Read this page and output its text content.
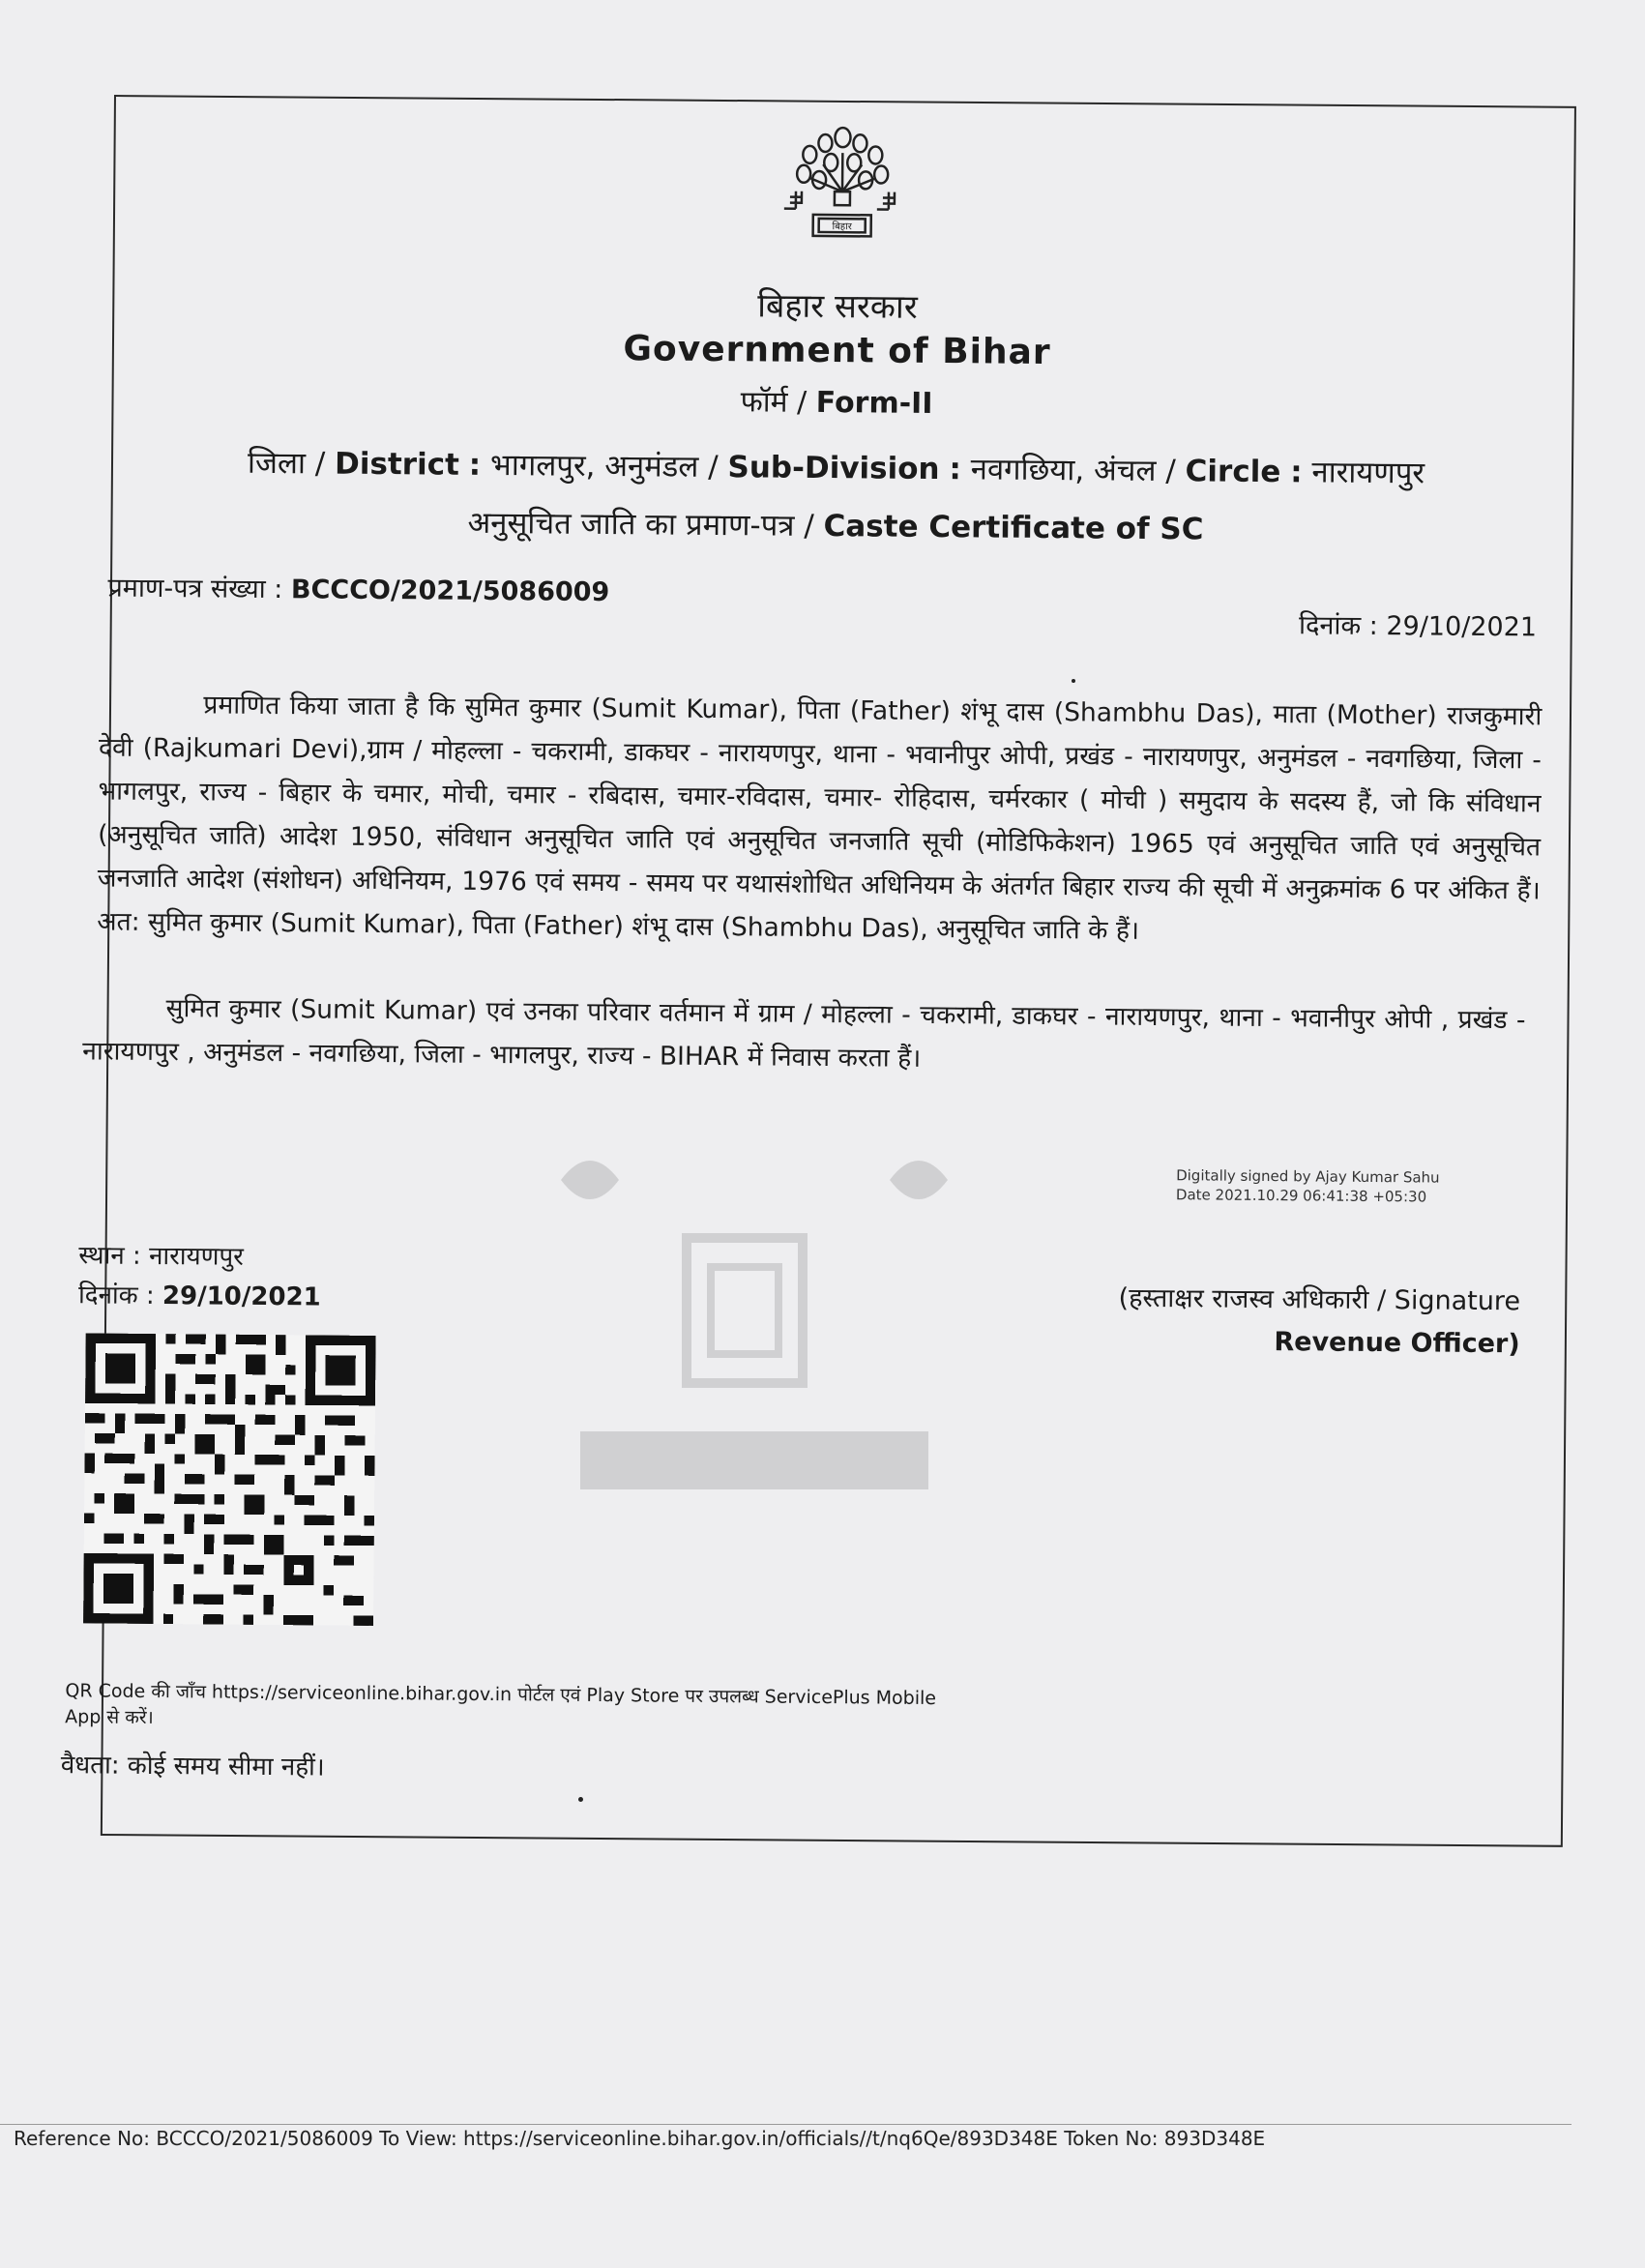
बिहार
बिहार सरकार
Government of Bihar
फॉर्म / Form-II
जिला / District : भागलपुर, अनुमंडल / Sub-Division : नवगछिया, अंचल / Circle : नारायणपुर
अनुसूचित जाति का प्रमाण-पत्र / Caste Certificate of SC
प्रमाण-पत्र संख्या : BCCCO/2021/5086009
दिनांक : 29/10/2021
प्रमाणित किया जाता है कि सुमित कुमार (Sumit Kumar), पिता (Father) शंभू दास (Shambhu Das), माता (Mother) राजकुमारी देवी (Rajkumari Devi),ग्राम / मोहल्ला - चकरामी, डाकघर - नारायणपुर, थाना - भवानीपुर ओपी, प्रखंड - नारायणपुर, अनुमंडल - नवगछिया, जिला - भागलपुर, राज्य - बिहार के चमार, मोची, चमार - रबिदास, चमार-रविदास, चमार- रोहिदास, चर्मरकार ( मोची ) समुदाय के सदस्य हैं, जो कि संविधान (अनुसूचित जाति) आदेश 1950, संविधान अनुसूचित जाति एवं अनुसूचित जनजाति सूची (मोडिफिकेशन) 1965 एवं अनुसूचित जाति एवं अनुसूचित जनजाति आदेश (संशोधन) अधिनियम, 1976 एवं समय - समय पर यथासंशोधित अधिनियम के अंतर्गत बिहार राज्य की सूची में अनुक्रमांक 6 पर अंकित हैं। अत: सुमित कुमार (Sumit Kumar), पिता (Father) शंभू दास (Shambhu Das), अनुसूचित जाति के हैं।
सुमित कुमार (Sumit Kumar) एवं उनका परिवार वर्तमान में ग्राम / मोहल्ला - चकरामी, डाकघर - नारायणपुर, थाना - भवानीपुर ओपी , प्रखंड - नारायणपुर , अनुमंडल - नवगछिया, जिला - भागलपुर, राज्य - BIHAR में निवास करता हैं।
Digitally signed by Ajay Kumar Sahu
Date 2021.10.29 06:41:38 +05:30
स्थान : नारायणपुर
दिनांक : 29/10/2021	(हस्ताक्षर राजस्व अधिकारी / Signature
Revenue Officer)
QR Code की जाँच https://serviceonline.bihar.gov.in पोर्टल एवं Play Store पर उपलब्ध ServicePlus Mobile App से करें।
वैधता: कोई समय सीमा नहीं।
Reference No: BCCCO/2021/5086009 To View: https://serviceonline.bihar.gov.in/officials//t/nq6Qe/893D348E Token No: 893D348E
